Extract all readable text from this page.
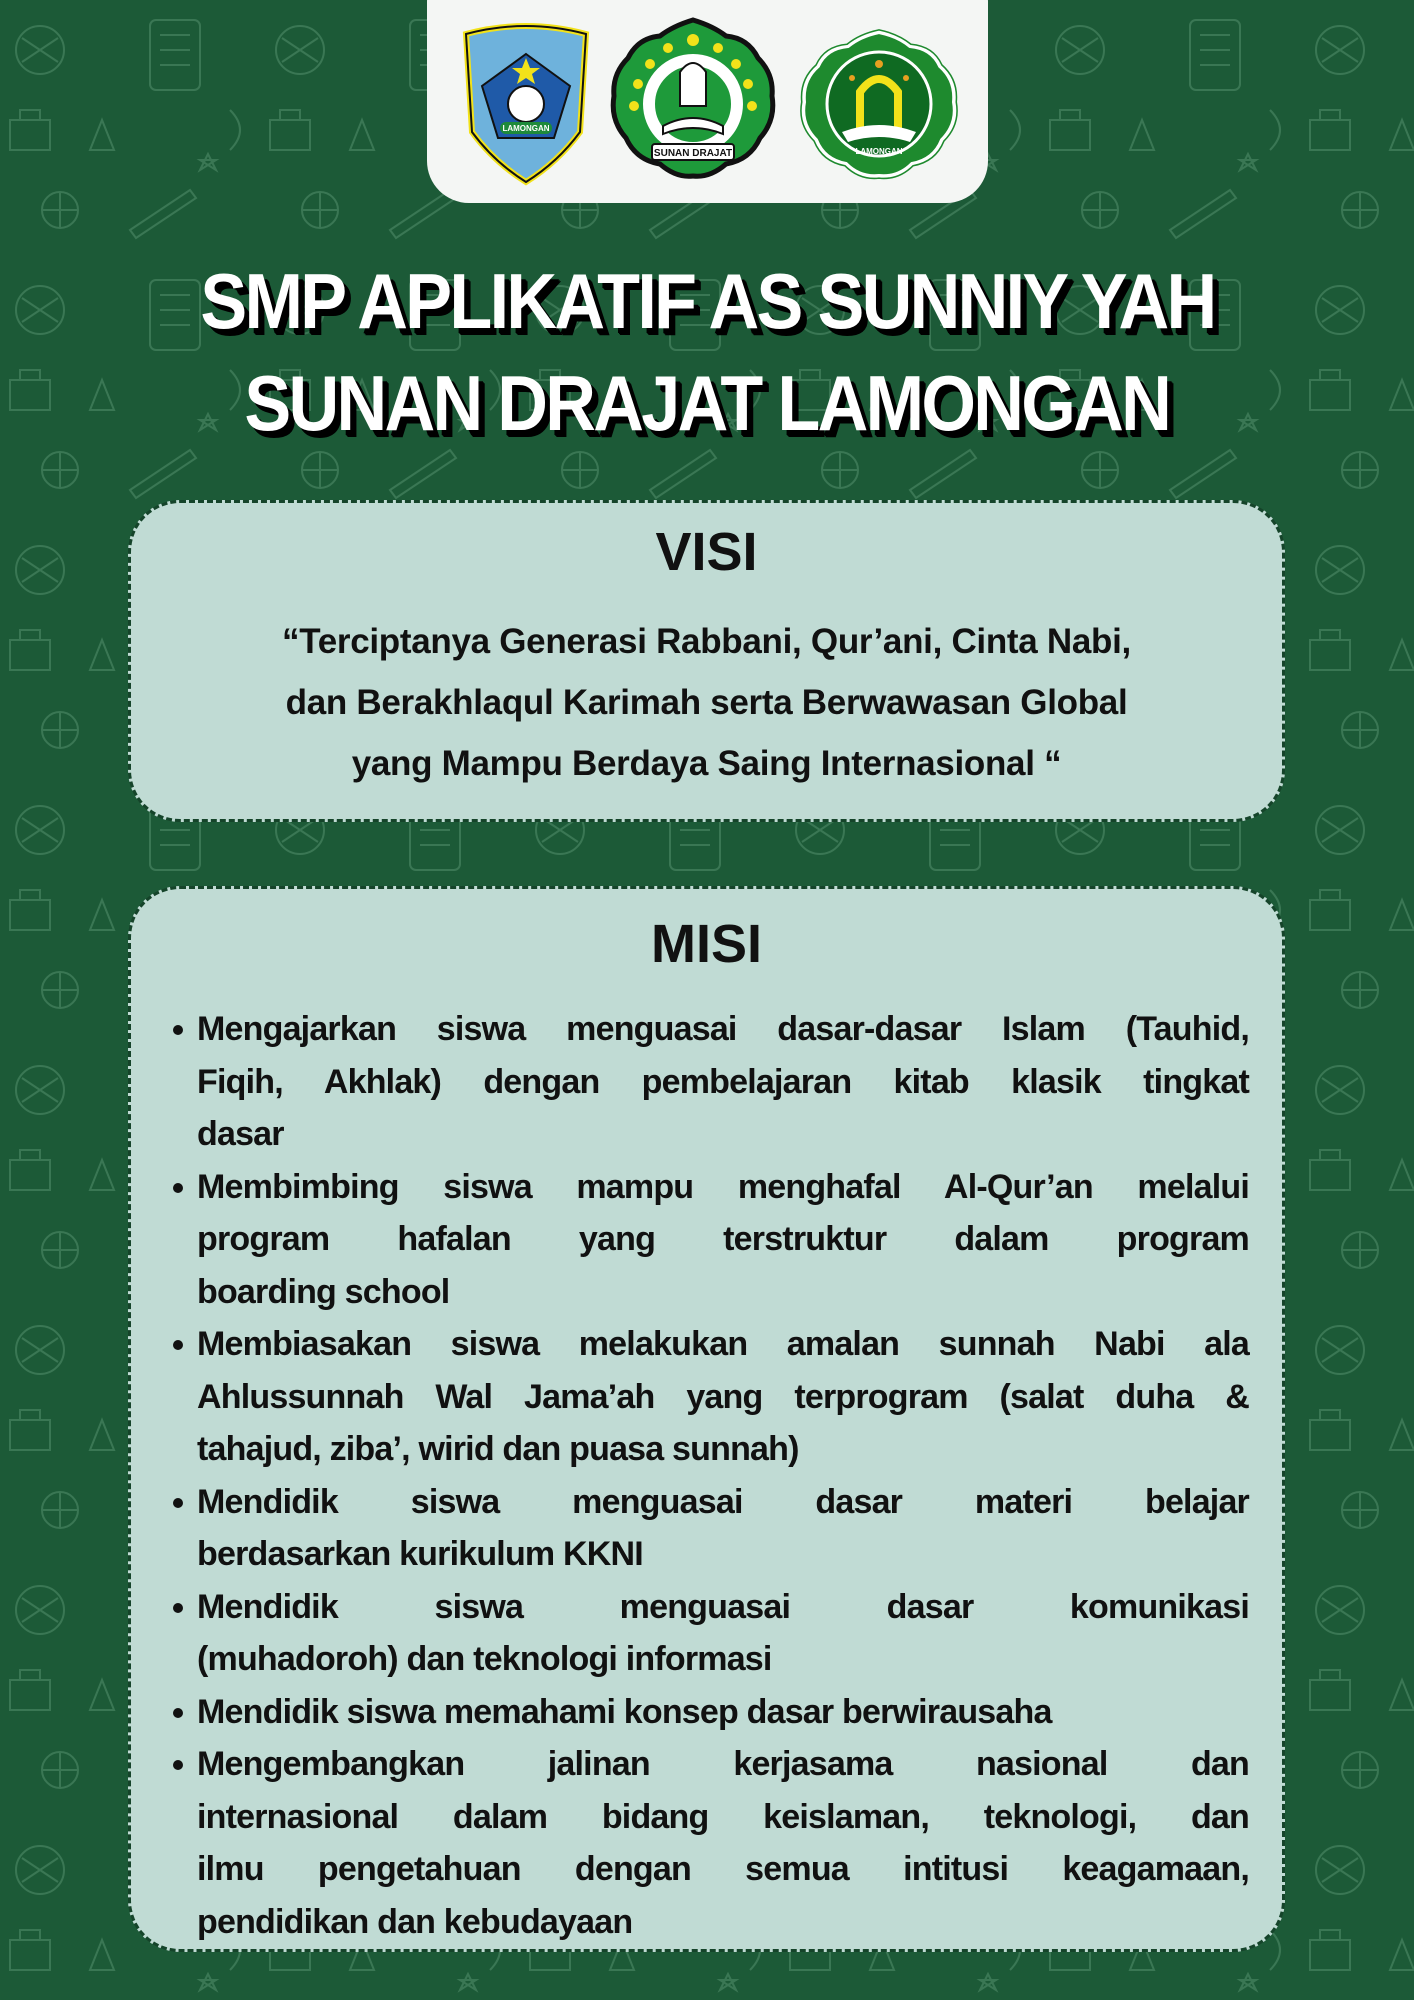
LAMONGAN
SUNAN DRAJAT	LAMONGAN
SMP APLIKATIF AS SUNNIY YAH
SUNAN DRAJAT LAMONGAN
VISI
“Terciptanya Generasi Rabbani, Qur’ani, Cinta Nabi,
dan Berakhlaqul Karimah serta Berwawasan Global
yang Mampu Berdaya Saing Internasional “
MISI
Mengajarkan siswa menguasai dasar-dasar Islam (Tauhid,
Fiqih, Akhlak) dengan pembelajaran kitab klasik tingkat
dasar
Membimbing siswa mampu menghafal Al-Qur’an melalui
program hafalan yang terstruktur dalam program
boarding school
Membiasakan siswa melakukan amalan sunnah Nabi ala
Ahlussunnah Wal Jama’ah yang terprogram (salat duha &
tahajud, ziba’, wirid dan puasa sunnah)
Mendidik siswa menguasai dasar materi belajar
berdasarkan kurikulum KKNI
Mendidik siswa menguasai dasar komunikasi
(muhadoroh) dan teknologi informasi
Mendidik siswa memahami konsep dasar berwirausaha
Mengembangkan jalinan kerjasama nasional dan
internasional dalam bidang keislaman, teknologi, dan
ilmu pengetahuan dengan semua intitusi keagamaan,
pendidikan dan kebudayaan
